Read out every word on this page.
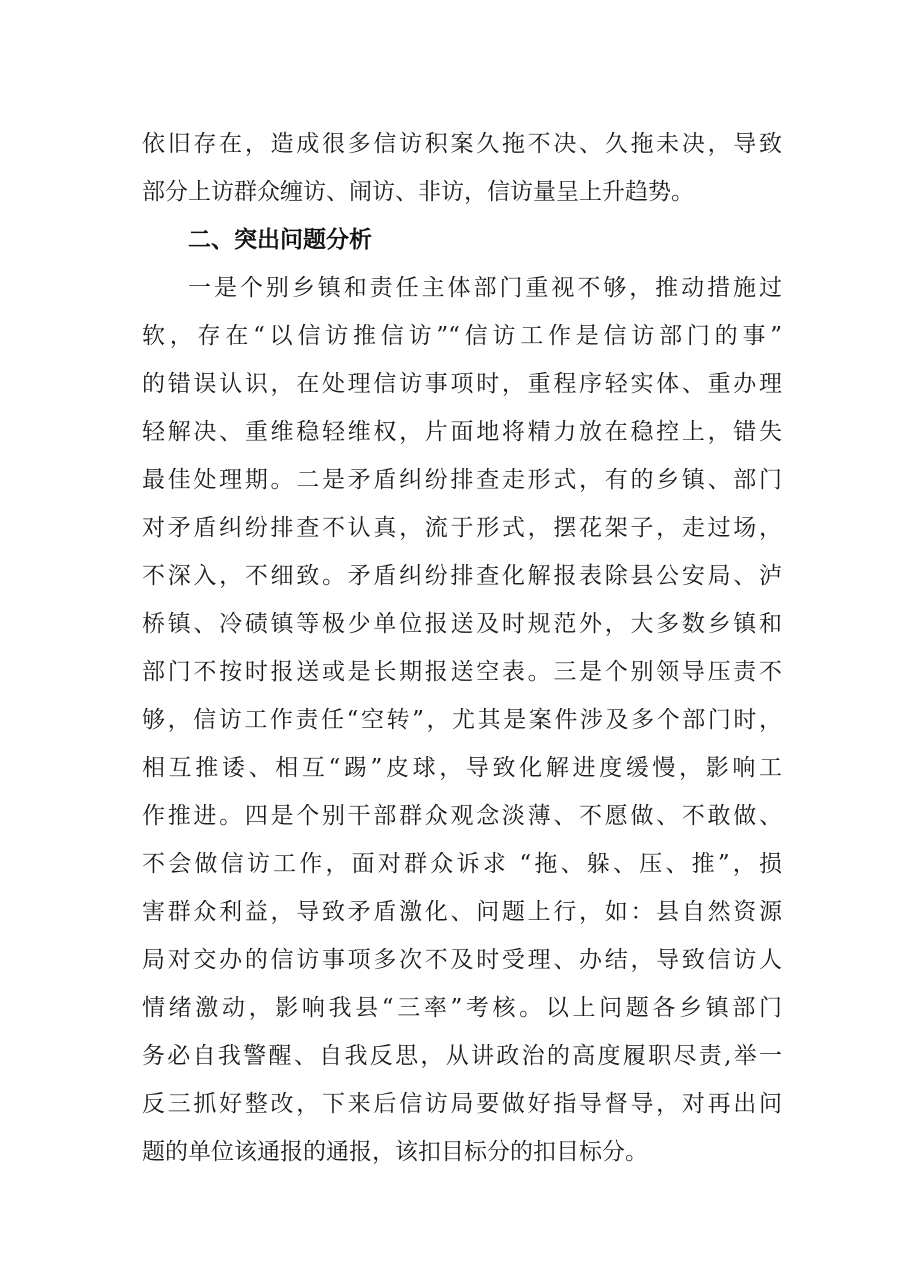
依旧存在，造成很多信访积案久拖不决、久拖未决，导致
部分上访群众缠访、闹访、非访，信访量呈上升趋势。
二、突出问题分析
一是个别乡镇和责任主体部门重视不够，推动措施过
软，存在“以信访推信访”“信访工作是信访部门的事”
的错误认识，在处理信访事项时，重程序轻实体、重办理
轻解决、重维稳轻维权，片面地将精力放在稳控上，错失
最佳处理期。二是矛盾纠纷排查走形式，有的乡镇、部门
对矛盾纠纷排查不认真，流于形式，摆花架子，走过场，
不深入，不细致。矛盾纠纷排查化解报表除县公安局、泸
桥镇、冷碛镇等极少单位报送及时规范外，大多数乡镇和
部门不按时报送或是长期报送空表。三是个别领导压责不
够，信访工作责任“空转”，尤其是案件涉及多个部门时，
相互推诿、相互“踢”皮球，导致化解进度缓慢，影响工
作推进。四是个别干部群众观念淡薄、不愿做、不敢做、
不会做信访工作，面对群众诉求 “拖、躲、压、推”，损
害群众利益，导致矛盾激化、问题上行，如：县自然资源
局对交办的信访事项多次不及时受理、办结，导致信访人
情绪激动，影响我县“三率”考核。以上问题各乡镇部门
务必自我警醒、自我反思，从讲政治的高度履职尽责,举一
反三抓好整改，下来后信访局要做好指导督导，对再出问
题的单位该通报的通报，该扣目标分的扣目标分。
